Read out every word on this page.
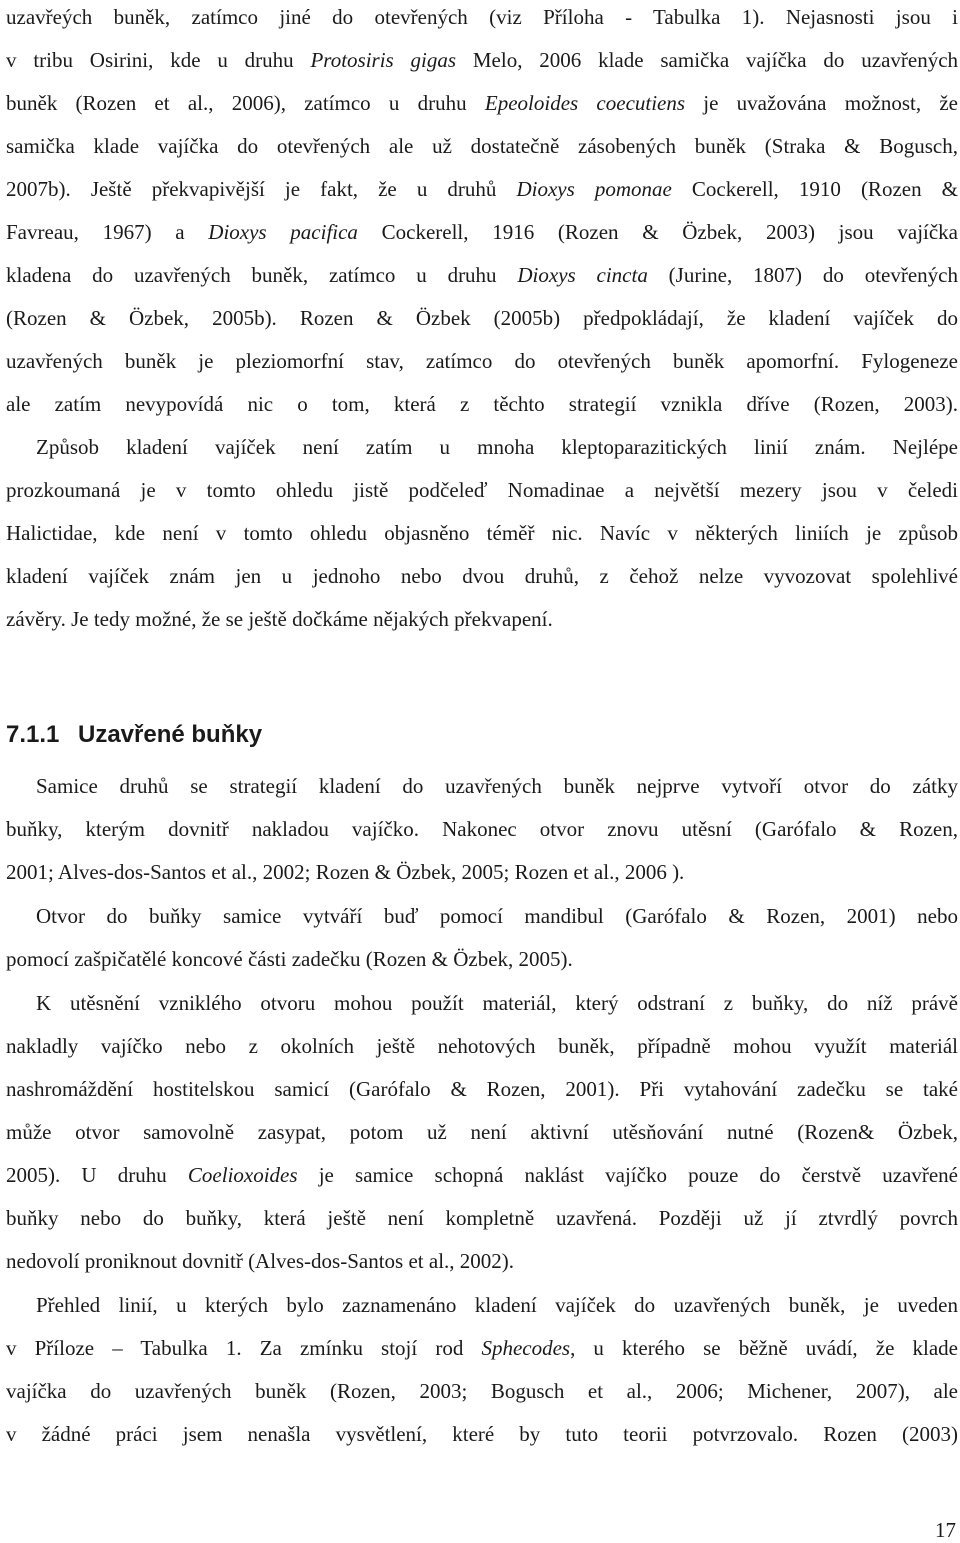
uzavřeých buněk, zatímco jiné do otevřených (viz Příloha - Tabulka 1). Nejasnosti jsou i
v tribu Osirini, kde u druhu Protosiris gigas Melo, 2006 klade samička vajíčka do uzavřených
buněk (Rozen et al., 2006), zatímco u druhu Epeoloides coecutiens je uvažována možnost, že
samička klade vajíčka do otevřených ale už dostatečně zásobených buněk (Straka & Bogusch,
2007b). Ještě překvapivější je fakt, že u druhů Dioxys pomonae Cockerell, 1910 (Rozen &
Favreau, 1967) a Dioxys pacifica Cockerell, 1916 (Rozen & Özbek, 2003) jsou vajíčka
kladena do uzavřených buněk, zatímco u druhu Dioxys cincta (Jurine, 1807) do otevřených
(Rozen & Özbek, 2005b). Rozen & Özbek (2005b) předpokládají, že kladení vajíček do
uzavřených buněk je pleziomorfní stav, zatímco do otevřených buněk apomorfní. Fylogeneze
ale zatím nevypovídá nic o tom, která z těchto strategií vznikla dříve (Rozen, 2003).
Způsob kladení vajíček není zatím u mnoha kleptoparazitických linií znám. Nejlépe
prozkoumaná je v tomto ohledu jistě podčeleď Nomadinae a největší mezery jsou v čeledi
Halictidae, kde není v tomto ohledu objasněno téměř nic. Navíc v některých liniích je způsob
kladení vajíček znám jen u jednoho nebo dvou druhů, z čehož nelze vyvozovat spolehlivé
závěry. Je tedy možné, že se ještě dočkáme nějakých překvapení.
7.1.1 Uzavřené buňky
Samice druhů se strategií kladení do uzavřených buněk nejprve vytvoří otvor do zátky
buňky, kterým dovnitř nakladou vajíčko. Nakonec otvor znovu utěsní (Garófalo & Rozen,
2001; Alves-dos-Santos et al., 2002; Rozen & Özbek, 2005; Rozen et al., 2006 ).
Otvor do buňky samice vytváří buď pomocí mandibul (Garófalo & Rozen, 2001) nebo
pomocí zašpičatělé koncové části zadečku (Rozen & Özbek, 2005).
K utěsnění vzniklého otvoru mohou použít materiál, který odstraní z buňky, do níž právě
nakladly vajíčko nebo z okolních ještě nehotových buněk, případně mohou využít materiál
nashromáždění hostitelskou samicí (Garófalo & Rozen, 2001). Při vytahování zadečku se také
může otvor samovolně zasypat, potom už není aktivní utěsňování nutné (Rozen& Özbek,
2005). U druhu Coelioxoides je samice schopná naklást vajíčko pouze do čerstvě uzavřené
buňky nebo do buňky, která ještě není kompletně uzavřená. Později už jí ztvrdlý povrch
nedovolí proniknout dovnitř (Alves-dos-Santos et al., 2002).
Přehled linií, u kterých bylo zaznamenáno kladení vajíček do uzavřených buněk, je uveden
v Příloze – Tabulka 1. Za zmínku stojí rod Sphecodes, u kterého se běžně uvádí, že klade
vajíčka do uzavřených buněk (Rozen, 2003; Bogusch et al., 2006; Michener, 2007), ale
v žádné práci jsem nenašla vysvětlení, které by tuto teorii potvrzovalo. Rozen (2003)
17
